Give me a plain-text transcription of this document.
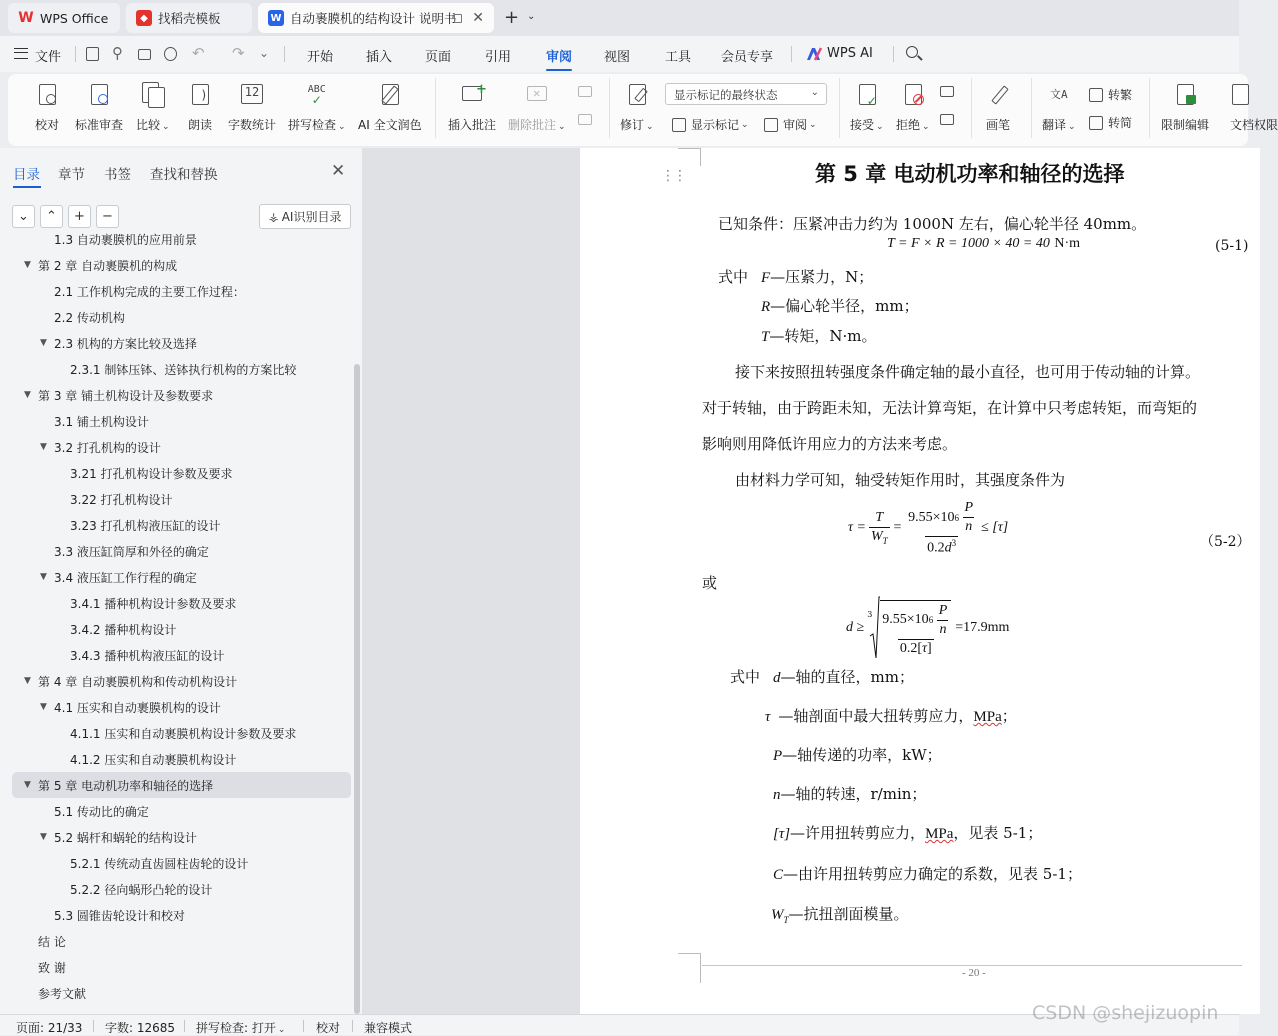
W WPS Office	◆ 找稻壳模板	W 自动裹膜机的结构设计 说明书 ✕ + ⌄
文件	⚲	↶ ↷ ⌄	开始	插入	页面	引用	审阅 视图	工具 会员专享	WPS AI
校对 标准审查 比较 ⌄
)
朗读
12
字数统计
ABC
✓
拼写检查 ⌄ AI 全文润色
+
插入批注
✕
删除批注 ⌄	修订 ⌄
显示标记的最终状态	⌄
显示标记 ⌄	审阅 ⌄
✓
接受 ⌄ 拒绝 ⌄	画笔
文A
翻译 ⌄
转繁
转简 限制编辑 文档权限
目录 章节 书签 查找和替换	✕
⌄ ⌃ + −	⚶ AI识别目录
1.3 自动裹膜机的应用前景
▼ 第 2 章 自动裹膜机的构成
2.1 工作机构完成的主要工作过程：
2.2 传动机构
▼ 2.3 机构的方案比较及选择
2.3.1 制钵压钵、送钵执行机构的方案比较
▼ 第 3 章 铺土机构设计及参数要求
3.1 铺土机构设计
▼ 3.2 打孔机构的设计
3.21 打孔机构设计参数及要求
3.22 打孔机构设计
3.23 打孔机构液压缸的设计
3.3 液压缸筒厚和外径的确定
▼ 3.4 液压缸工作行程的确定
3.4.1 播种机构设计参数及要求
3.4.2 播种机构设计
3.4.3 播种机构液压缸的设计
▼ 第 4 章 自动裹膜机构和传动机构设计
▼ 4.1 压实和自动裹膜机构的设计
4.1.1 压实和自动裹膜机构设计参数及要求
4.1.2 压实和自动裹膜机构设计
▼ 第 5 章 电动机功率和轴径的选择
5.1 传动比的确定
▼ 5.2 蜗杆和蜗轮的结构设计
5.2.1 传统动直齿圆柱齿轮的设计
5.2.2 径向蜗形凸轮的设计
5.3 圆锥齿轮设计和校对
结 论
致 谢
参考文献
⋮⋮	第 5 章 电动机功率和轴径的选择
已知条件：压紧冲击力约为 1000N 左右，偏心轮半径 40mm。
T = F × R = 1000 × 40 = 40 N·m	(5-1)
式中 F—压紧力，N；
R—偏心轮半径，mm；
T—转矩，N·m。
接下来按照扭转强度条件确定轴的最小直径，也可用于传动轴的计算。
对于转轴，由于跨距未知，无法计算弯矩，在计算中只考虑转矩，而弯矩的
影响则用降低许用应力的方法来考虑。
由材料力学可知，轴受转矩作用时，其强度条件为
$\tau = \frac{T}{W_T} = 9.55\times 10$ 6
$\frac{P}{n}$
$0.2d^3 \le [\tau]$
（5-2）
或
d ≥
3 9.55×10 6
$\frac{P}{n}$
0.2[τ] =17.9mm
式中 d—轴的直径，mm；
τ —轴剖面中最大扭转剪应力，MPa；
P—轴传递的功率，kW；
n—轴的转速，r/min；
[τ]—许用扭转剪应力，MPa，见表 5-1；
C—由许用扭转剪应力确定的系数，见表 5-1；
$W_T—$抗扭剖面模量。
- 20 -
页面: 21/33 字数: 12685 拼写检查: 打开 ⌄	校对 兼容模式
CSDN @shejizuopin
